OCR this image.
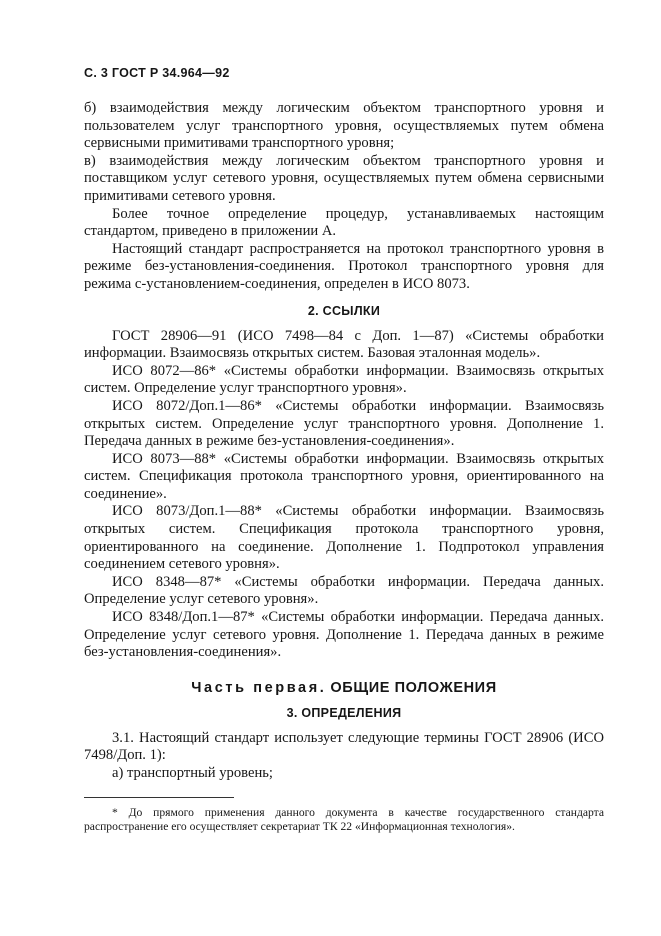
С. 3 ГОСТ Р 34.964—92

б) взаимодействия между логическим объектом транспортного уровня и пользователем услуг транспортного уровня, осуществляемых путем обмена сервисными примитивами транспортного уровня;

в) взаимодействия между логическим объектом транспортного уровня и поставщиком услуг сетевого уровня, осуществляемых путем обмена сервисными примитивами сетевого уровня.

Более точное определение процедур, устанавливаемых настоящим стандартом, приведено в приложении А.

Настоящий стандарт распространяется на протокол транспортного уровня в режиме без-установления-соединения. Протокол транспортного уровня для режима с-установлением-соединения, определен в ИСО 8073.

2. ССЫЛКИ

ГОСТ 28906—91 (ИСО 7498—84 с Доп. 1—87) «Системы обработки информации. Взаимосвязь открытых систем. Базовая эталонная модель».

ИСО 8072—86* «Системы обработки информации. Взаимосвязь открытых систем. Определение услуг транспортного уровня».

ИСО 8072/Доп.1—86* «Системы обработки информации. Взаимосвязь открытых систем. Определение услуг транспортного уровня. Дополнение 1. Передача данных в режиме без-установления-соединения».

ИСО 8073—88* «Системы обработки информации. Взаимосвязь открытых систем. Спецификация протокола транспортного уровня, ориентированного на соединение».

ИСО 8073/Доп.1—88* «Системы обработки информации. Взаимосвязь открытых систем. Спецификация протокола транспортного уровня, ориентированного на соединение. Дополнение 1. Подпротокол управления соединением сетевого уровня».

ИСО 8348—87* «Системы обработки информации. Передача данных. Определение услуг сетевого уровня».

ИСО 8348/Доп.1—87* «Системы обработки информации. Передача данных. Определение услуг сетевого уровня. Дополнение 1. Передача данных в режиме без-установления-соединения».

Часть первая. ОБЩИЕ ПОЛОЖЕНИЯ
3. ОПРЕДЕЛЕНИЯ

3.1. Настоящий стандарт использует следующие термины ГОСТ 28906 (ИСО 7498/Доп. 1):

а) транспортный уровень;

* До прямого применения данного документа в качестве государственного стандарта распространение его осуществляет секретариат ТК 22 «Информационная технология».
